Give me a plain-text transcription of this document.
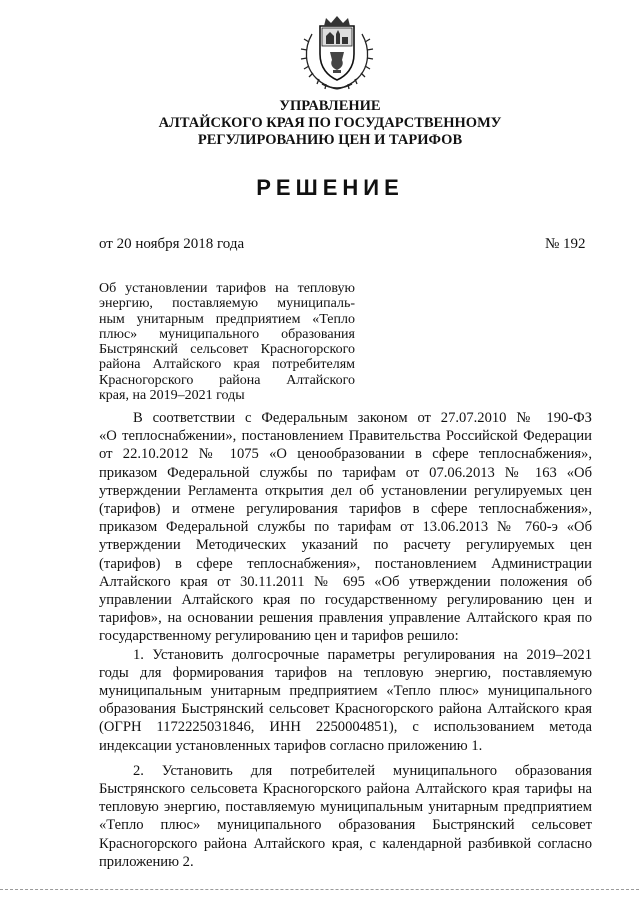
УПРАВЛЕНИЕ
АЛТАЙСКОГО КРАЯ ПО ГОСУДАРСТВЕННОМУ
РЕГУЛИРОВАНИЮ ЦЕН И ТАРИФОВ
РЕШЕНИЕ
от 20 ноября 2018 года	№ 192
Об установлении тарифов на тепловую
энергию, поставляемую муниципаль-
ным унитарным предприятием «Тепло
плюс» муниципального образования
Быстрянский сельсовет Красногорского
района Алтайского края потребителям
Красногорского района Алтайского
края, на 2019–2021 годы
В соответствии с Федеральным законом от 27.07.2010 № 190-ФЗ
«О теплоснабжении», постановлением Правительства Российской Федерации
от 22.10.2012 № 1075 «О ценообразовании в сфере теплоснабжения»,
приказом Федеральной службы по тарифам от 07.06.2013 № 163 «Об
утверждении Регламента открытия дел об установлении регулируемых цен
(тарифов) и отмене регулирования тарифов в сфере теплоснабжения»,
приказом Федеральной службы по тарифам от 13.06.2013 № 760-э «Об
утверждении Методических указаний по расчету регулируемых цен
(тарифов) в сфере теплоснабжения», постановлением Администрации
Алтайского края от 30.11.2011 № 695 «Об утверждении положения об
управлении Алтайского края по государственному регулированию цен и
тарифов», на основании решения правления управление Алтайского края по
государственному регулированию цен и тарифов решило:
1. Установить долгосрочные параметры регулирования на 2019–2021
годы для формирования тарифов на тепловую энергию, поставляемую
муниципальным унитарным предприятием «Тепло плюс» муниципального
образования Быстрянский сельсовет Красногорского района Алтайского края
(ОГРН 1172225031846, ИНН 2250004851), с использованием метода
индексации установленных тарифов согласно приложению 1.
2. Установить для потребителей муниципального образования
Быстрянского сельсовета Красногорского района Алтайского края тарифы на
тепловую энергию, поставляемую муниципальным унитарным предприятием
«Тепло плюс» муниципального образования Быстрянский сельсовет
Красногорского района Алтайского края, с календарной разбивкой согласно
приложению 2.
